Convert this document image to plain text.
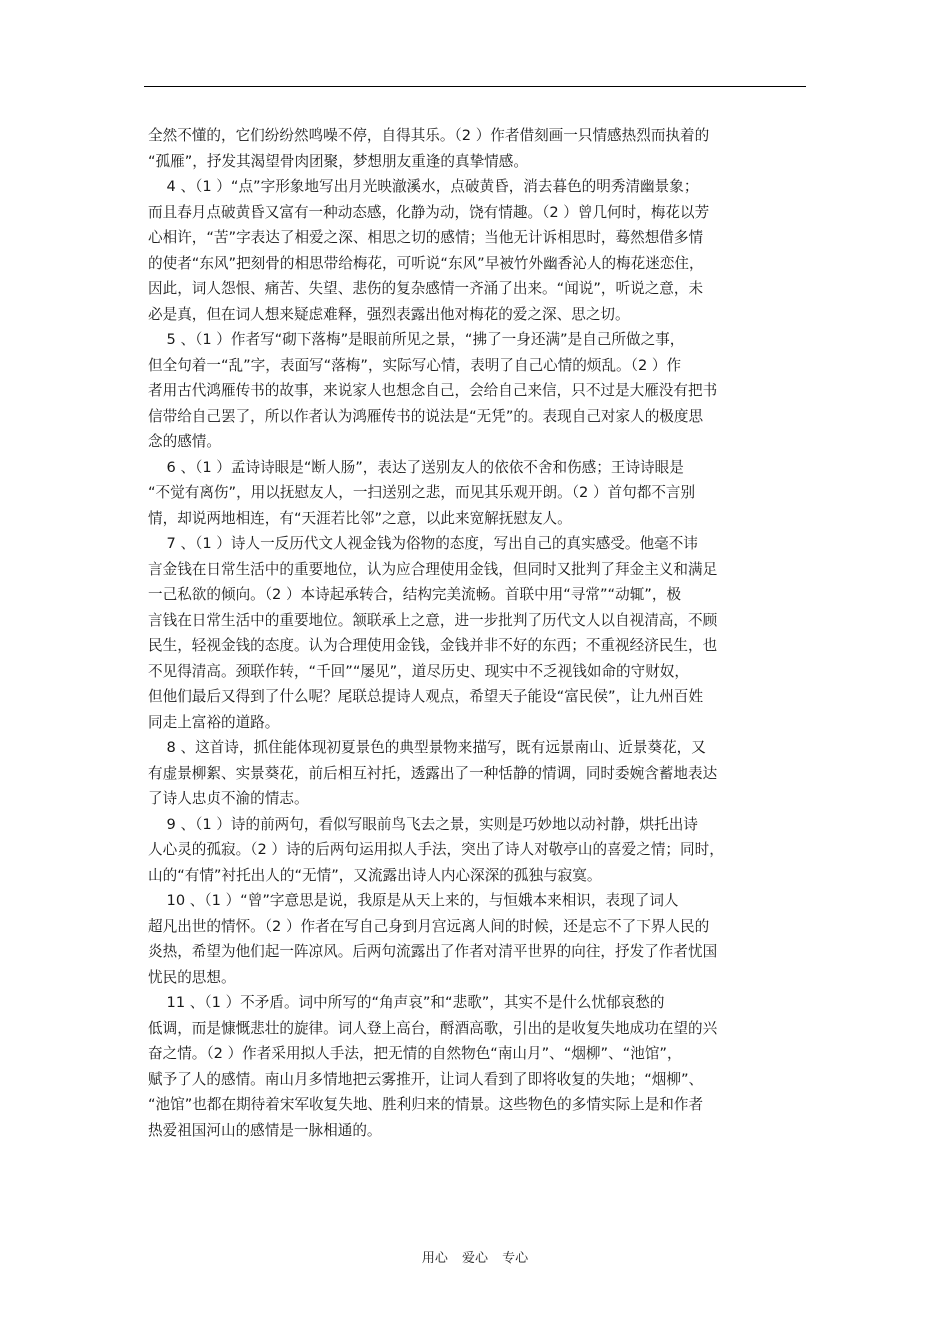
全然不懂的，它们纷纷然鸣噪不停，自得其乐。（2 ）作者借刻画一只情感热烈而执着的
“孤雁”，抒发其渴望骨肉团聚，梦想朋友重逢的真挚情感。
4 、（1 ）“点”字形象地写出月光映澈溪水，点破黄昏，消去暮色的明秀清幽景象；
而且春月点破黄昏又富有一种动态感，化静为动，饶有情趣。（2 ）曾几何时，梅花以芳
心相许，“苦”字表达了相爱之深、相思之切的感情；当他无计诉相思时，蓦然想借多情
的使者“东风”把刻骨的相思带给梅花，可听说“东风”早被竹外幽香沁人的梅花迷恋住，
因此，词人怨恨、痛苦、失望、悲伤的复杂感情一齐涌了出来。“闻说”，听说之意，未
必是真，但在词人想来疑虑难释，强烈表露出他对梅花的爱之深、思之切。
5 、（1 ）作者写“砌下落梅”是眼前所见之景，“拂了一身还满”是自己所做之事，
但全句着一“乱”字，表面写“落梅”，实际写心情，表明了自己心情的烦乱。（2 ）作
者用古代鸿雁传书的故事，来说家人也想念自己，会给自己来信，只不过是大雁没有把书
信带给自己罢了，所以作者认为鸿雁传书的说法是“无凭”的。表现自己对家人的极度思
念的感情。
6 、（1 ）孟诗诗眼是“断人肠”，表达了送别友人的依依不舍和伤感；王诗诗眼是
“不觉有离伤”，用以抚慰友人，一扫送别之悲，而见其乐观开朗。（2 ）首句都不言别
情，却说两地相连，有“天涯若比邻”之意，以此来宽解抚慰友人。
7 、（1 ）诗人一反历代文人视金钱为俗物的态度，写出自己的真实感受。他毫不讳
言金钱在日常生活中的重要地位，认为应合理使用金钱，但同时又批判了拜金主义和满足
一己私欲的倾向。（2 ）本诗起承转合，结构完美流畅。首联中用“寻常”“动辄”，极
言钱在日常生活中的重要地位。颔联承上之意，进一步批判了历代文人以自视清高，不顾
民生，轻视金钱的态度。认为合理使用金钱，金钱并非不好的东西；不重视经济民生，也
不见得清高。颈联作转，“千回”“屡见”，道尽历史、现实中不乏视钱如命的守财奴，
但他们最后又得到了什么呢？尾联总提诗人观点，希望天子能设“富民侯”，让九州百姓
同走上富裕的道路。
8 、这首诗，抓住能体现初夏景色的典型景物来描写，既有远景南山、近景葵花，又
有虚景柳絮、实景葵花，前后相互衬托，透露出了一种恬静的情调，同时委婉含蓄地表达
了诗人忠贞不渝的情志。
9 、（1 ）诗的前两句，看似写眼前鸟飞去之景，实则是巧妙地以动衬静，烘托出诗
人心灵的孤寂。（2 ）诗的后两句运用拟人手法，突出了诗人对敬亭山的喜爱之情；同时，
山的“有情”衬托出人的“无情”，又流露出诗人内心深深的孤独与寂寞。
10 、（1 ）“曾”字意思是说，我原是从天上来的，与恒娥本来相识，表现了词人
超凡出世的情怀。（2 ）作者在写自己身到月宫远离人间的时候，还是忘不了下界人民的
炎热，希望为他们起一阵凉风。后两句流露出了作者对清平世界的向往，抒发了作者忧国
忧民的思想。
11 、（1 ）不矛盾。词中所写的“角声哀”和“悲歌”，其实不是什么忧郁哀愁的
低调，而是慷慨悲壮的旋律。词人登上高台，酹酒高歌，引出的是收复失地成功在望的兴
奋之情。（2 ）作者采用拟人手法，把无情的自然物色“南山月”、“烟柳”、“池馆”，
赋予了人的感情。南山月多情地把云雾推开，让词人看到了即将收复的失地；“烟柳”、
“池馆”也都在期待着宋军收复失地、胜利归来的情景。这些物色的多情实际上是和作者
热爱祖国河山的感情是一脉相通的。
用心 爱心 专心
